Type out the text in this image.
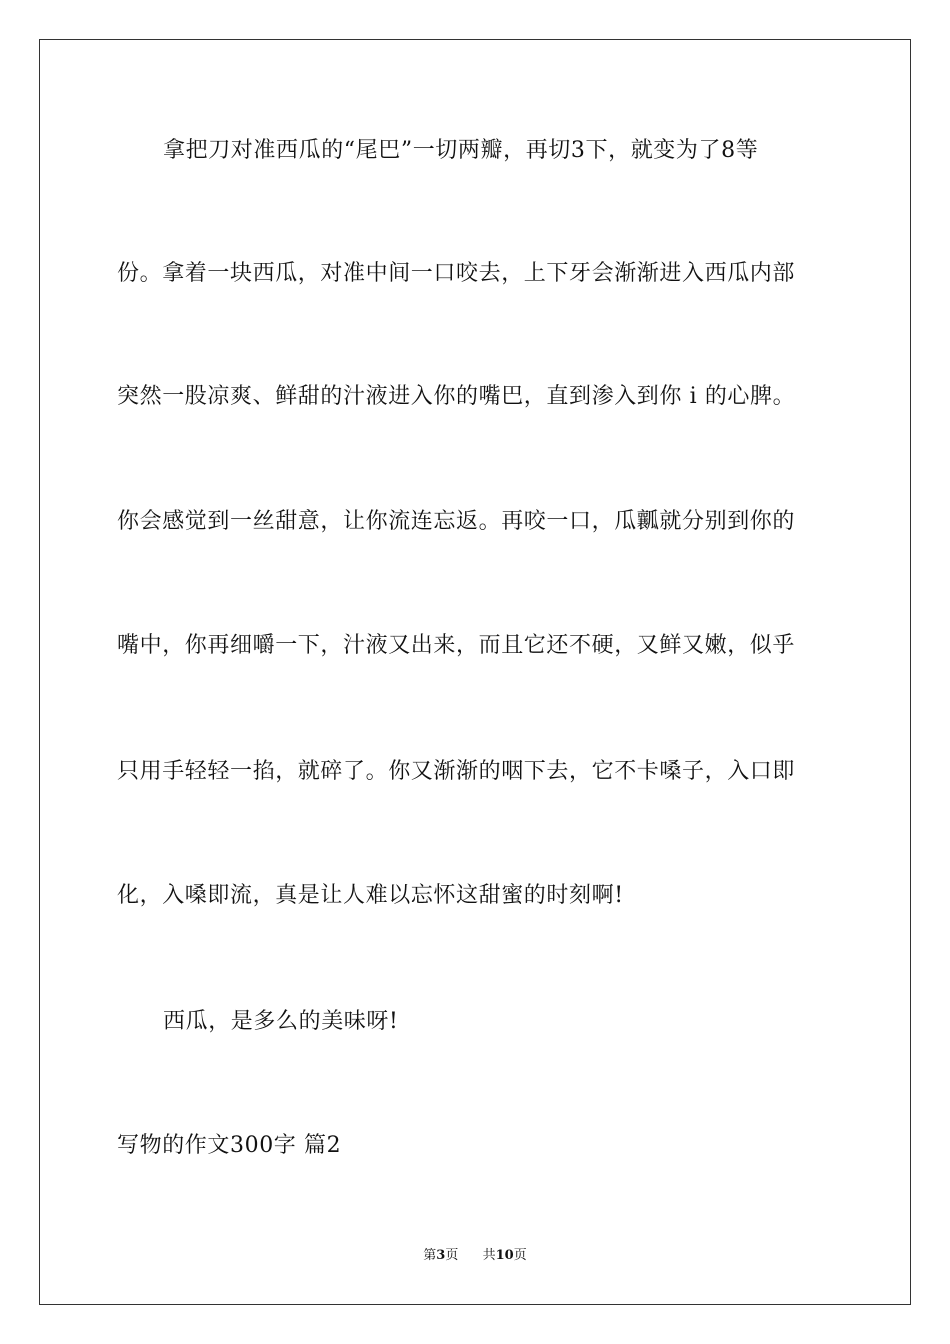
拿把刀对准西瓜的“尾巴”一切两瓣，再切3下，就变为了8等
份。拿着一块西瓜，对准中间一口咬去，上下牙会渐渐进入西瓜内部
突然一股凉爽、鲜甜的汁液进入你的嘴巴，直到渗入到你 i 的心脾。
你会感觉到一丝甜意，让你流连忘返。再咬一口，瓜瓤就分别到你的
嘴中，你再细嚼一下，汁液又出来，而且它还不硬，又鲜又嫩，似乎
只用手轻轻一掐，就碎了。你又渐渐的咽下去，它不卡嗓子，入口即
化，入嗓即流，真是让人难以忘怀这甜蜜的时刻啊!
西瓜，是多么的美味呀!
写物的作文300字 篇2
第3页 共10页
